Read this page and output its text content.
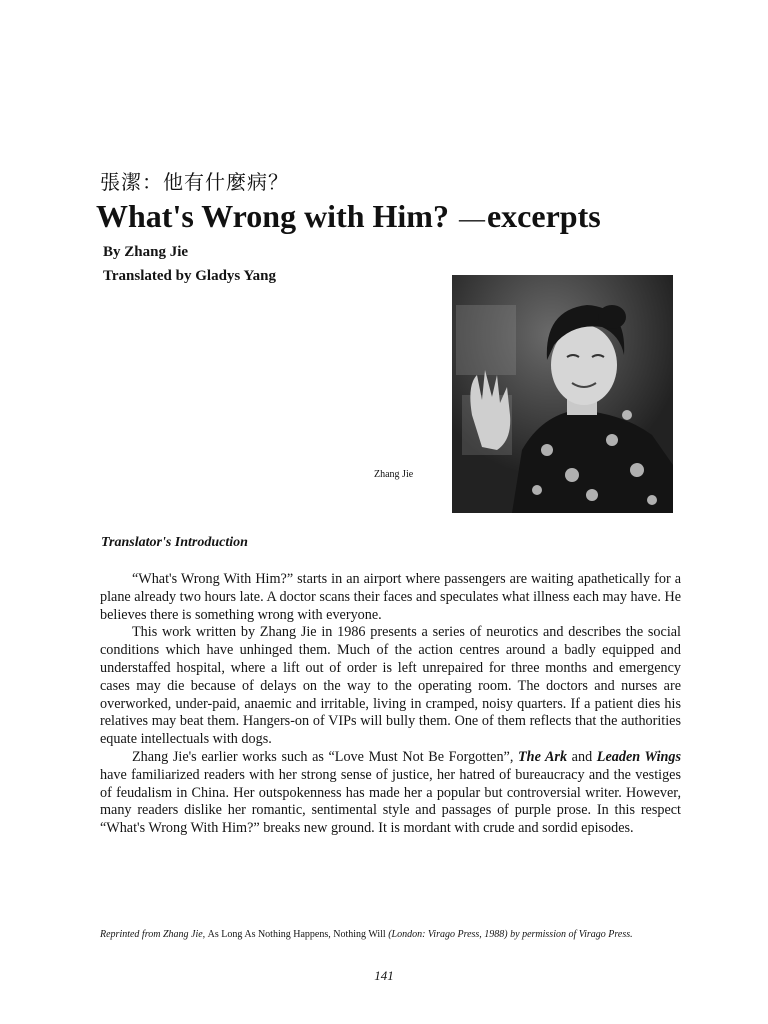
張潔：他有什麼病？
What's Wrong with Him? —excerpts
By Zhang Jie
Translated by Gladys Yang
Zhang Jie
Translator's Introduction

“What's Wrong With Him?” starts in an airport where passengers are waiting apathetically for a plane already two hours late. A doctor scans their faces and speculates what illness each may have. He believes there is something wrong with everyone.

This work written by Zhang Jie in 1986 presents a series of neurotics and describes the social conditions which have unhinged them. Much of the action centres around a badly equipped and understaffed hospital, where a lift out of order is left unrepaired for three months and emergency cases may die because of delays on the way to the operating room. The doctors and nurses are overworked, under-paid, anaemic and irritable, living in cramped, noisy quarters. If a patient dies his relatives may beat them. Hangers-on of VIPs will bully them. One of them reflects that the authorities equate intellectuals with dogs.

Zhang Jie's earlier works such as “Love Must Not Be Forgotten”, The Ark and Leaden Wings have familiarized readers with her strong sense of justice, her hatred of bureaucracy and the vestiges of feudalism in China. Her outspokenness has made her a popular but controversial writer. However, many readers dislike her romantic, sentimental style and passages of purple prose. In this respect “What's Wrong With Him?” breaks new ground. It is mordant with crude and sordid episodes.

Reprinted from Zhang Jie, As Long As Nothing Happens, Nothing Will (London: Virago Press, 1988) by permission of Virago Press.
141
